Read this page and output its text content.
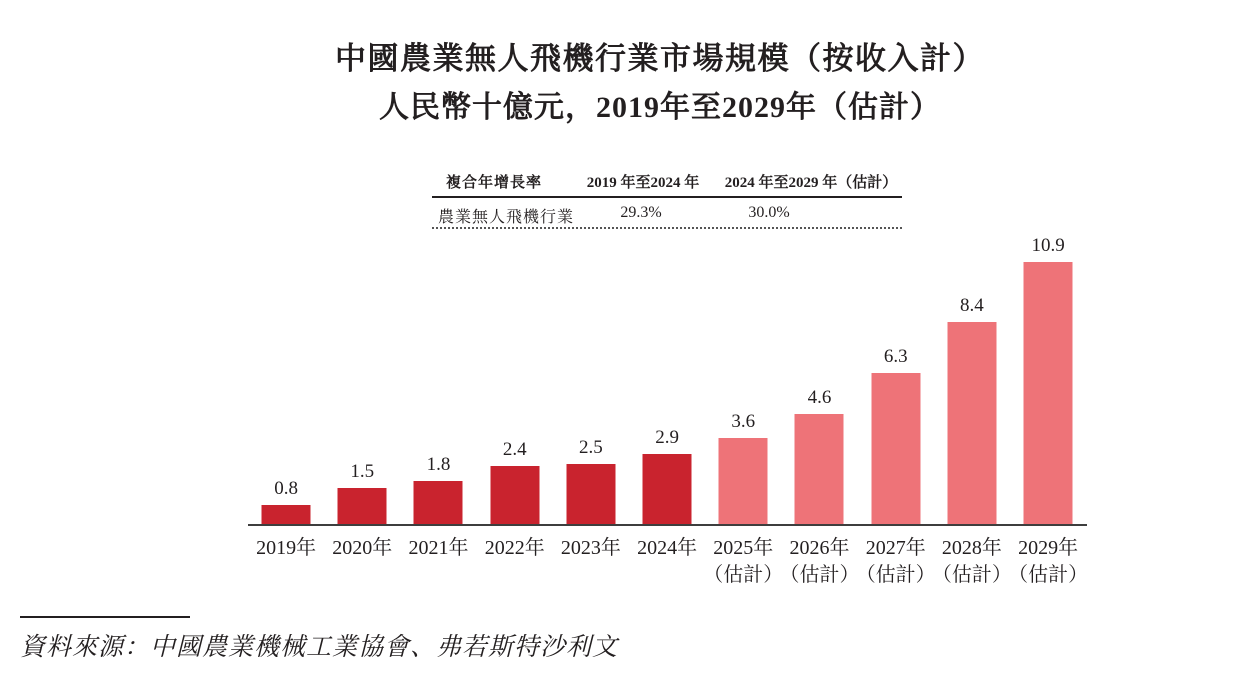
中國農業無人飛機行業市場規模（按收入計）
人民幣十億元，2019年至2029年（估計）
複合年增長率	2019 年至2024 年	2024 年至2029 年（估計）
農業無人飛機行業	29.3%	30.0%
0.8
2019年
1.5
2020年
1.8
2021年
2.4
2022年
2.5
2023年
2.9
2024年
3.6
2025年
（估計）
4.6
2026年
（估計）
6.3
2027年
（估計）
8.4
2028年
（估計）
10.9
2029年
（估計）
資料來源：中國農業機械工業協會、弗若斯特沙利文
